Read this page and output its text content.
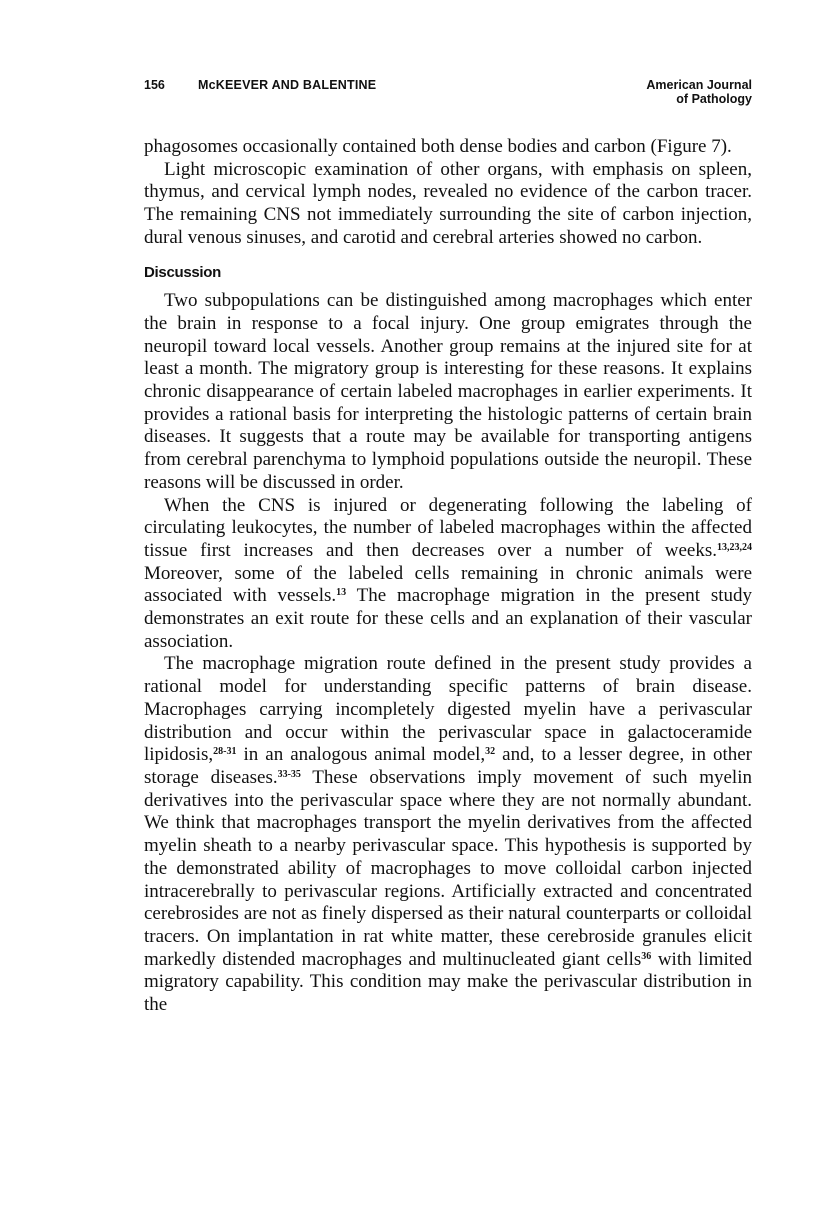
156	McKEEVER AND BALENTINE	American Journal
of Pathology

phagosomes occasionally contained both dense bodies and carbon (Figure 7).

Light microscopic examination of other organs, with emphasis on spleen, thymus, and cervical lymph nodes, revealed no evidence of the carbon tracer. The remaining CNS not immediately surrounding the site of carbon injection, dural venous sinuses, and carotid and cerebral arteries showed no carbon.

Discussion

Two subpopulations can be distinguished among macrophages which enter the brain in response to a focal injury. One group emigrates through the neuropil toward local vessels. Another group remains at the injured site for at least a month. The migratory group is interesting for these reasons. It explains chronic disappearance of certain labeled macrophages in earlier experiments. It provides a rational basis for interpreting the histologic patterns of certain brain diseases. It suggests that a route may be available for transporting antigens from cerebral parenchyma to lymphoid populations outside the neuropil. These reasons will be discussed in order.

When the CNS is injured or degenerating following the labeling of circulating leukocytes, the number of labeled macrophages within the affected tissue first increases and then decreases over a number of weeks.$^{13,23,24}$ Moreover, some of the labeled cells remaining in chronic animals were associated with vessels.$^{13}$ The macrophage migration in the present study demonstrates an exit route for these cells and an explanation of their vascular association.

The macrophage migration route defined in the present study provides a rational model for understanding specific patterns of brain disease. Macrophages carrying incompletely digested myelin have a perivascular distribution and occur within the perivascular space in galactoceramide lipidosis,$^{28-31}$ in an analogous animal model,$^{32}$ and, to a lesser degree, in other storage diseases.$^{33-35}$ These observations imply movement of such myelin derivatives into the perivascular space where they are not normally abundant. We think that macrophages transport the myelin derivatives from the affected myelin sheath to a nearby perivascular space. This hypothesis is supported by the demonstrated ability of macrophages to move colloidal carbon injected intracerebrally to perivascular regions. Artificially extracted and concentrated cerebrosides are not as finely dispersed as their natural counterparts or colloidal tracers. On implantation in rat white matter, these cerebroside granules elicit markedly distended macrophages and multinucleated giant cells$^{36}$ with limited migratory capability. This condition may make the perivascular distribution in the
